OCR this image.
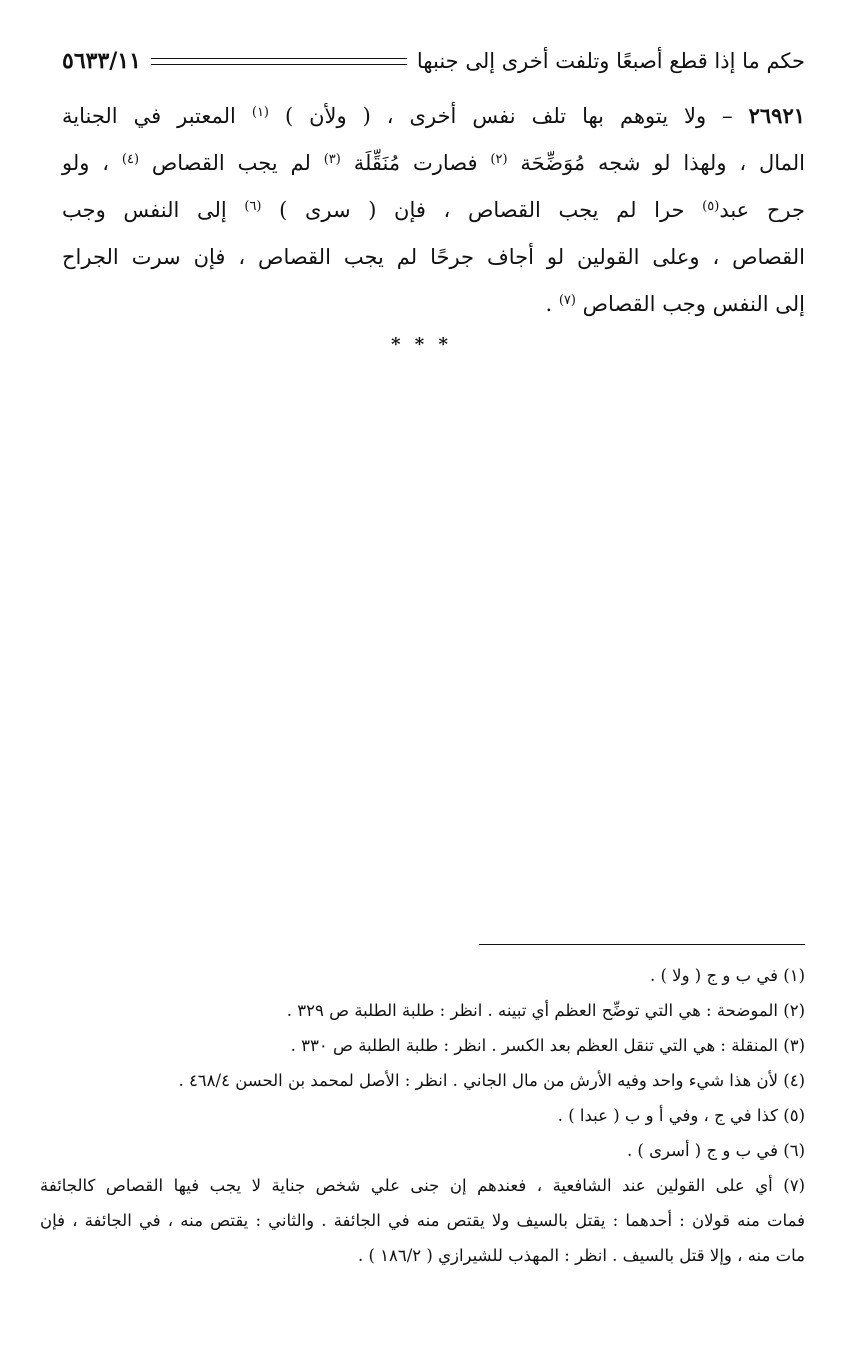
حكم ما إذا قطع أصبعًا وتلفت أخرى إلى جنبها
٥٦٣٣/١١
٢٦٩٢١ – ولا يتوهم بها تلف نفس أخرى ، ( ولأن ) $^{(١)}$ المعتبر في الجناية
المال ، ولهذا لو شجه مُوَضِّحَة $^{(٢)}$ فصارت مُنَقِّلَة $^{(٣)}$ لم يجب القصاص $^{(٤)}$ ، ولو
جرح عبد$^{(٥)}$ حرا لم يجب القصاص ، فإن ( سرى ) $^{(٦)}$ إلى النفس وجب
القصاص ، وعلى القولين لو أجاف جرحًا لم يجب القصاص ، فإن سرت الجراح
إلى النفس وجب القصاص $^{(٧)}$ .
* * *
(١) في ب و ج ( ولا ) .
(٢) الموضحة : هي التي توضِّح العظم أي تبينه . انظر : طلبة الطلبة ص ٣٢٩ .
(٣) المنقلة : هي التي تنقل العظم بعد الكسر . انظر : طلبة الطلبة ص ٣٣٠ .
(٤) لأن هذا شيء واحد وفيه الأرش من مال الجاني . انظر : الأصل لمحمد بن الحسن ٤٦٨/٤ .
(٥) كذا في ج ، وفي أ و ب ( عبدا ) .
(٦) في ب و ج ( أسرى ) .
(٧) أي على القولين عند الشافعية ، فعندهم إن جنى علي شخص جناية لا يجب فيها القصاص كالجائفة
فمات منه قولان : أحدهما : يقتل بالسيف ولا يقتص منه في الجائفة . والثاني : يقتص منه ، في الجائفة ، فإن
مات منه ، وإلا قتل بالسيف . انظر : المهذب للشيرازي ( ١٨٦/٢ ) .
